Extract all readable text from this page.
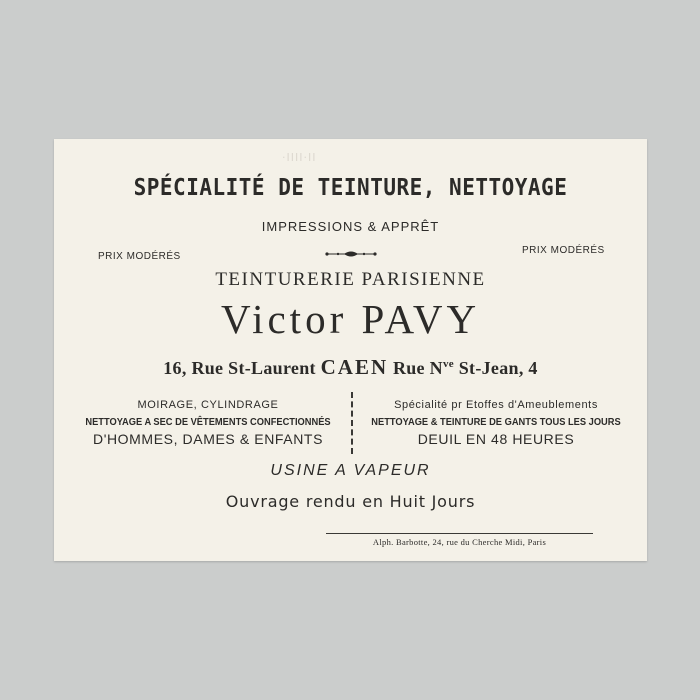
·IIII·II
SPÉCIALITÉ DE TEINTURE, NETTOYAGE
IMPRESSIONS & APPRÊT
PRIX MODÉRÉS
PRIX MODÉRÉS
TEINTURERIE PARISIENNE
Victor PAVY
16, Rue St-Laurent CAEN Rue $N^{ve}$ St-Jean, 4
MOIRAGE, CYLINDRAGE
NETTOYAGE A SEC DE VÊTEMENTS CONFECTIONNÉS
D'HOMMES, DAMES & ENFANTS
Spécialité pr Etoffes d'Ameublements
NETTOYAGE & TEINTURE DE GANTS TOUS LES JOURS
DEUIL EN 48 HEURES
USINE A VAPEUR
Ouvrage rendu en Huit Jours
Alph. Barbotte, 24, rue du Cherche Midi, Paris
